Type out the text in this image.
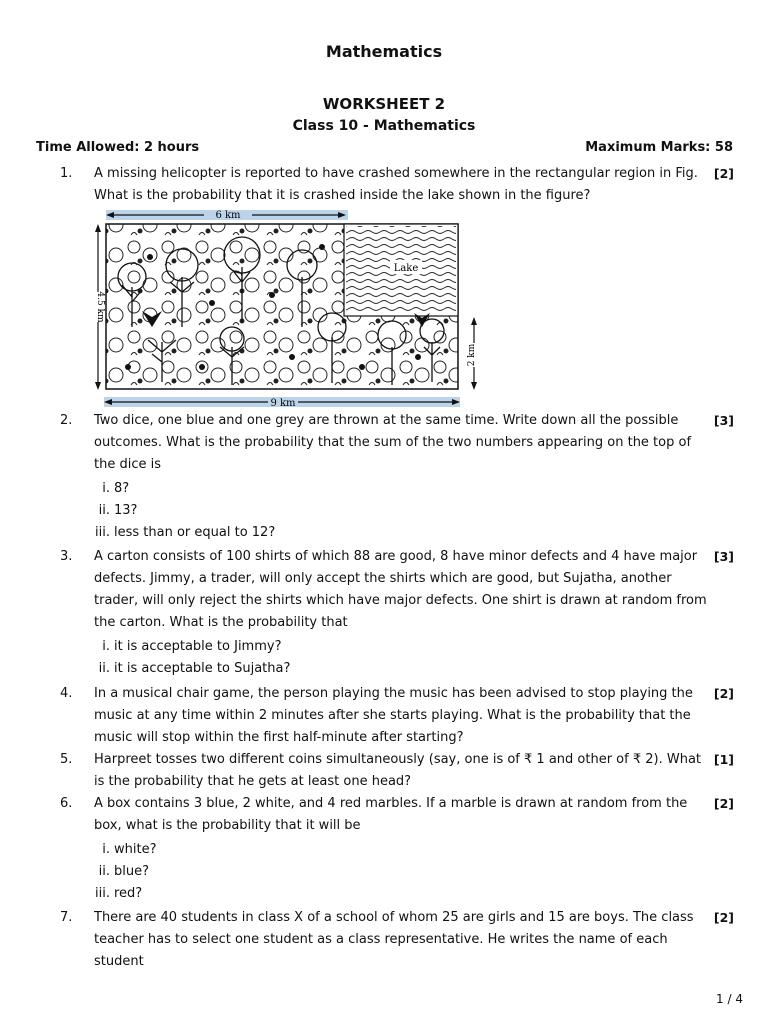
Mathematics
WORKSHEET 2
Class 10 - Mathematics
Time Allowed: 2 hours	Maximum Marks: 58
1.	A missing helicopter is reported to have crashed somewhere in the rectangular region in Fig.

What is the probability that it is crashed inside the lake shown in the figure?

[2]
6 km
Lake
4.5 km
2 km
9 km
2.	Two dice, one blue and one grey are thrown at the same time. Write down all the possible outcomes. What is the probability that the sum of the two numbers appearing on the top of the dice is

i. 8?
ii. 13?
iii. less than or equal to 12?
[3]
3.	A carton consists of 100 shirts of which 88 are good, 8 have minor defects and 4 have major defects. Jimmy, a trader, will only accept the shirts which are good, but Sujatha, another trader, will only reject the shirts which have major defects. One shirt is drawn at random from the carton. What is the probability that

i. it is acceptable to Jimmy?
ii. it is acceptable to Sujatha?
[3]
4.	In a musical chair game, the person playing the music has been advised to stop playing the music at any time within 2 minutes after she starts playing. What is the probability that the music will stop within the first half-minute after starting?

[2]
5.	Harpreet tosses two different coins simultaneously (say, one is of ₹ 1 and other of ₹ 2). What is the probability that he gets at least one head?

[1]
6.	A box contains 3 blue, 2 white, and 4 red marbles. If a marble is drawn at random from the box, what is the probability that it will be

i. white?
ii. blue?
iii. red?
[2]
7.	There are 40 students in class X of a school of whom 25 are girls and 15 are boys. The class teacher has to select one student as a class representative. He writes the name of each student

[2]
1 / 4
